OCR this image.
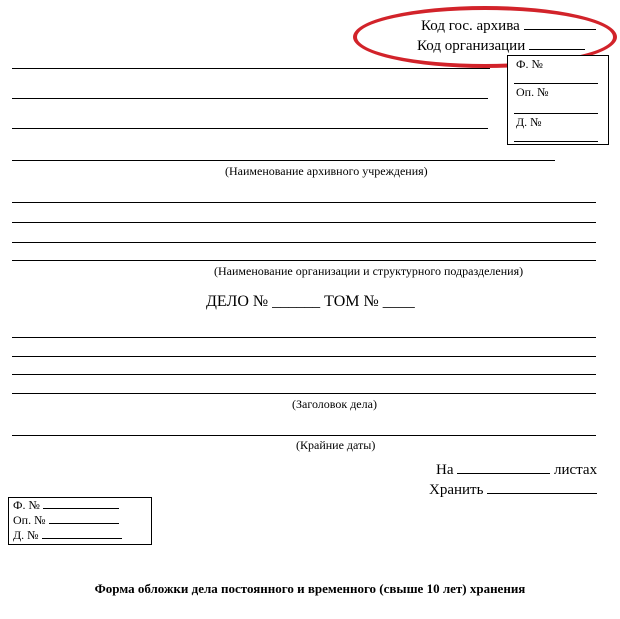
Код гос. архива
Код организации
Ф. №
Оп. №
Д. №
(Наименование архивного учреждения)
(Наименование организации и структурного подразделения)
ДЕЛО № ______ ТОМ № ____
(Заголовок дела)
(Крайние даты)
На	листах
Хранить
Ф. №
Оп. №
Д. №
Форма обложки дела постоянного и временного (свыше 10 лет) хранения
